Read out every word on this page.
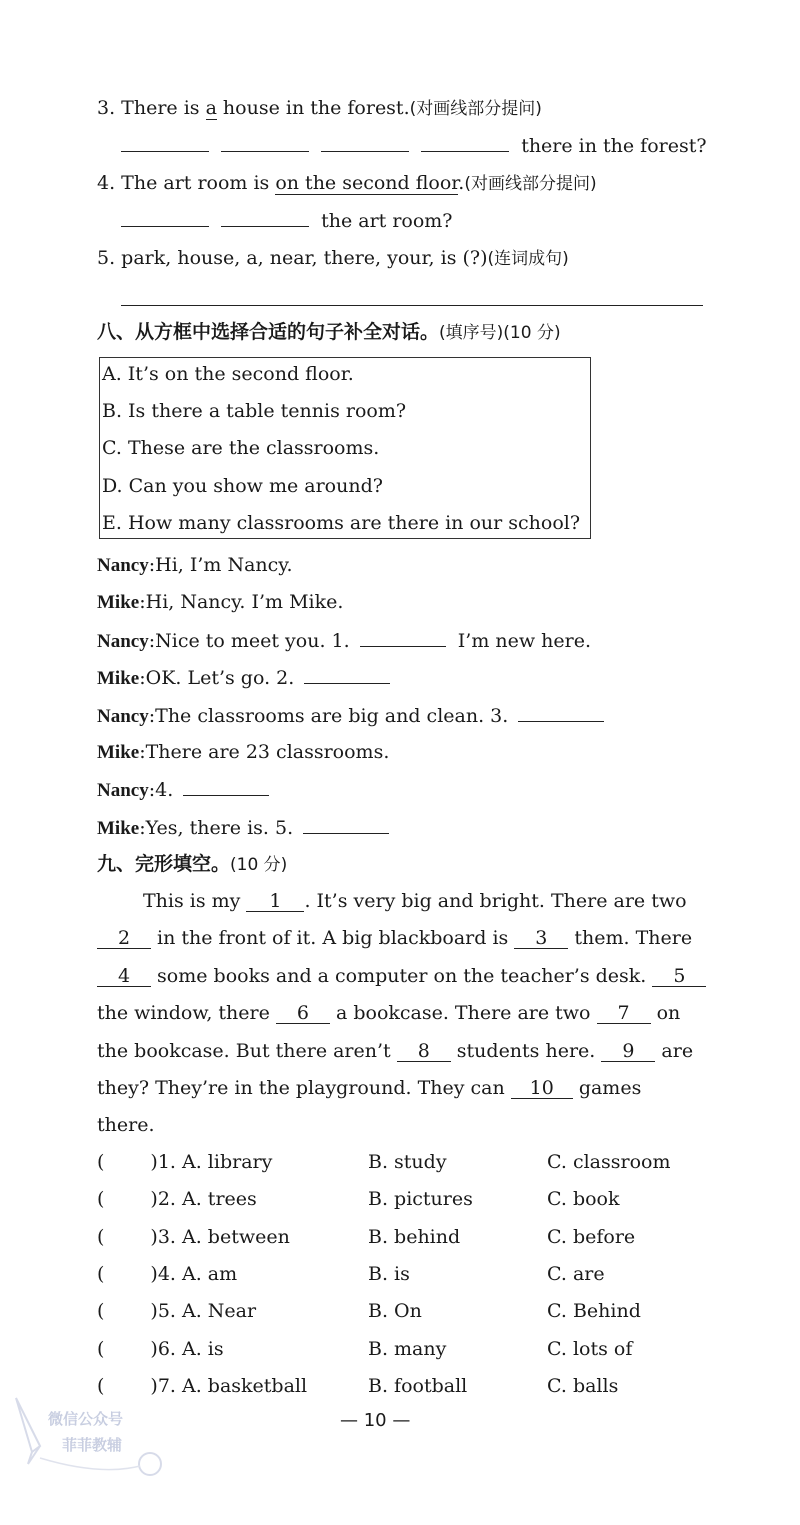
3. There is a house in the forest.(对画线部分提问)
there in the forest?
4. The art room is on the second floor.(对画线部分提问)
the art room?
5. park, house, a, near, there, your, is (?)(连词成句)
八、从方框中选择合适的句子补全对话。(填序号)(10 分)
A. It’s on the second floor.
B. Is there a table tennis room?
C. These are the classrooms.
D. Can you show me around?
E. How many classrooms are there in our school?
Nancy:Hi, I’m Nancy.
Mike:Hi, Nancy. I’m Mike.
Nancy:Nice to meet you. 1.	I’m new here.
Mike:OK. Let’s go. 2.
Nancy:The classrooms are big and clean. 3.
Mike:There are 23 classrooms.
Nancy:4.
Mike:Yes, there is. 5.
九、完形填空。(10 分)
This is my 1 . It’s very big and bright. There are two
2 in the front of it. A big blackboard is 3 them. There
4 some books and a computer on the teacher’s desk. 5
the window, there 6 a bookcase. There are two 7 on
the bookcase. But there aren’t 8 students here. 9 are
they? They’re in the playground. They can 10 games
there.
( )1. A. library	B. study	C. classroom
( )2. A. trees	B. pictures	C. book
( )3. A. between	B. behind	C. before
( )4. A. am	B. is	C. are
( )5. A. Near	B. On	C. Behind
( )6. A. is	B. many	C. lots of
( )7. A. basketball	B. football	C. balls
微信公众号
菲菲教辅
— 10 —
